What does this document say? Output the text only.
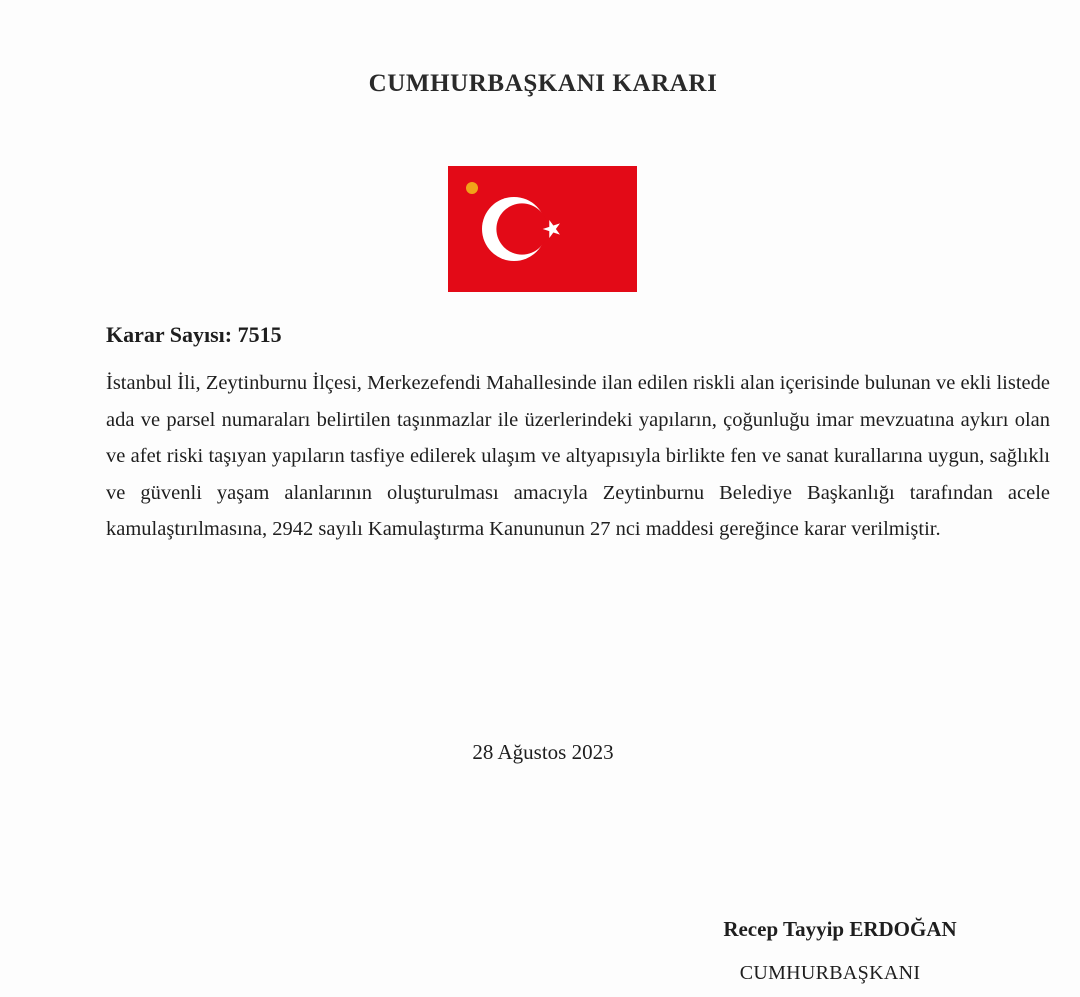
CUMHURBAŞKANI KARARI
Karar Sayısı: 7515

İstanbul İli, Zeytinburnu İlçesi, Merkezefendi Mahallesinde ilan edilen riskli alan içerisinde bulunan ve ekli listede ada ve parsel numaraları belirtilen taşınmazlar ile üzerlerindeki yapıların, çoğunluğu imar mevzuatına aykırı olan ve afet riski taşıyan yapıların tasfiye edilerek ulaşım ve altyapısıyla birlikte fen ve sanat kurallarına uygun, sağlıklı ve güvenli yaşam alanlarının oluşturulması amacıyla Zeytinburnu Belediye Başkanlığı tarafından acele kamulaştırılmasına, 2942 sayılı Kamulaştırma Kanununun 27 nci maddesi gereğince karar verilmiştir.

28 Ağustos 2023
Recep Tayyip ERDOĞAN
CUMHURBAŞKANI
